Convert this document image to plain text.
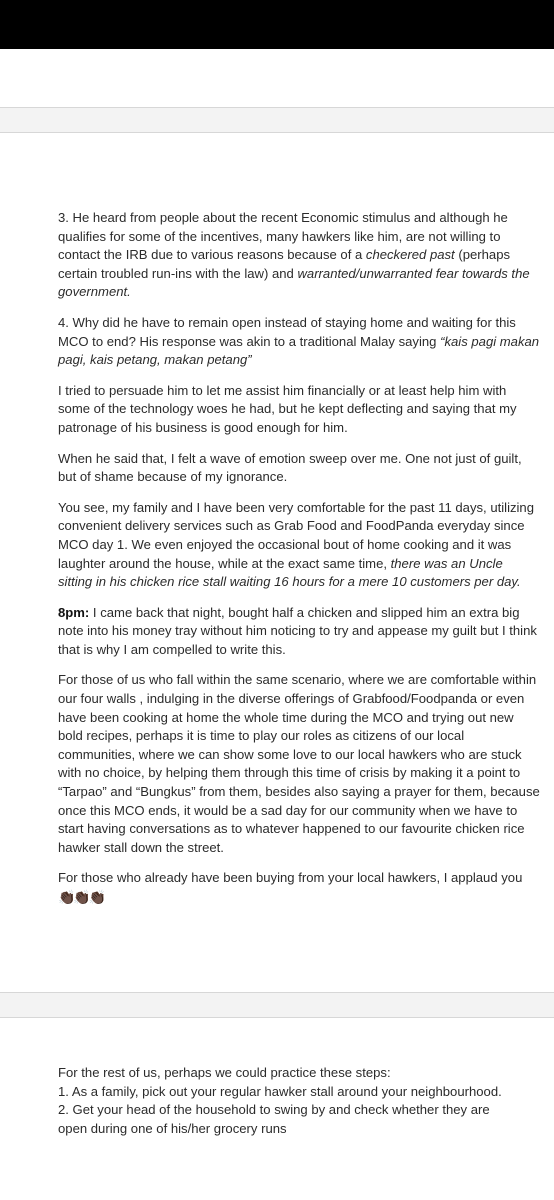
3. He heard from people about the recent Economic stimulus and although he qualifies for some of the incentives, many hawkers like him, are not willing to contact the IRB due to various reasons because of a checkered past (perhaps certain troubled run-ins with the law) and warranted/unwarranted fear towards the government.

4. Why did he have to remain open instead of staying home and waiting for this MCO to end? His response was akin to a traditional Malay saying “kais pagi makan pagi, kais petang, makan petang”

I tried to persuade him to let me assist him financially or at least help him with some of the technology woes he had, but he kept deflecting and saying that my patronage of his business is good enough for him.

When he said that, I felt a wave of emotion sweep over me. One not just of guilt, but of shame because of my ignorance.

You see, my family and I have been very comfortable for the past 11 days, utilizing convenient delivery services such as Grab Food and FoodPanda everyday since MCO day 1. We even enjoyed the occasional bout of home cooking and it was laughter around the house, while at the exact same time, there was an Uncle sitting in his chicken rice stall waiting 16 hours for a mere 10 customers per day.

8pm: I came back that night, bought half a chicken and slipped him an extra big note into his money tray without him noticing to try and appease my guilt but I think that is why I am compelled to write this.

For those of us who fall within the same scenario, where we are comfortable within our four walls , indulging in the diverse offerings of Grabfood/Foodpanda or even have been cooking at home the whole time during the MCO and trying out new bold recipes, perhaps it is time to play our roles as citizens of our local communities, where we can show some love to our local hawkers who are stuck with no choice, by helping them through this time of crisis by making it a point to “Tarpao” and “Bungkus” from them, besides also saying a prayer for them, because once this MCO ends, it would be a sad day for our community when we have to start having conversations as to whatever happened to our favourite chicken rice hawker stall down the street.

For those who already have been buying from your local hawkers, I applaud you
👏🏿👏🏿👏🏿

For the rest of us, perhaps we could practice these steps:

1. As a family, pick out your regular hawker stall around your neighbourhood.

2. Get your head of the household to swing by and check whether they are

open during one of his/her grocery runs
